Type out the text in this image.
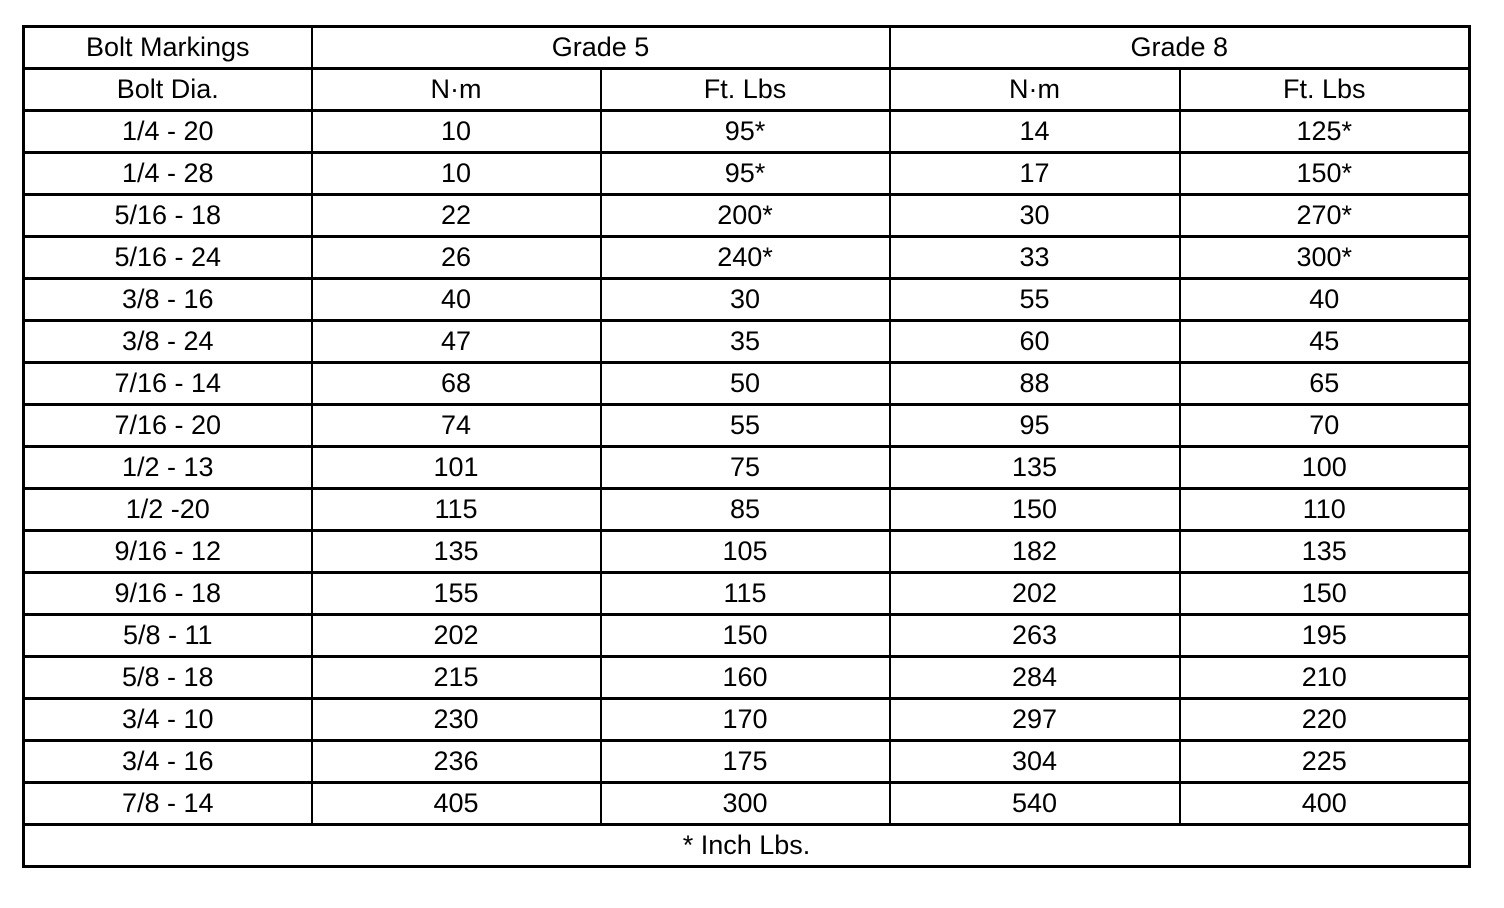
Bolt Markings	Grade 5		Grade 8	
Bolt Dia.	N·m	Ft. Lbs	N·m	Ft. Lbs
1/4 - 20	10	95*	14	125*
1/4 - 28	10	95*	17	150*
5/16 - 18	22	200*	30	270*
5/16 - 24	26	240*	33	300*
3/8 - 16	40	30	55	40
3/8 - 24	47	35	60	45
7/16 - 14	68	50	88	65
7/16 - 20	74	55	95	70
1/2 - 13	101	75	135	100
1/2 -20	115	85	150	110
9/16 - 12	135	105	182	135
9/16 - 18	155	115	202	150
5/8 - 11	202	150	263	195
5/8 - 18	215	160	284	210
3/4 - 10	230	170	297	220
3/4 - 16	236	175	304	225
7/8 - 14	405	300	540	400
* Inch Lbs.				
